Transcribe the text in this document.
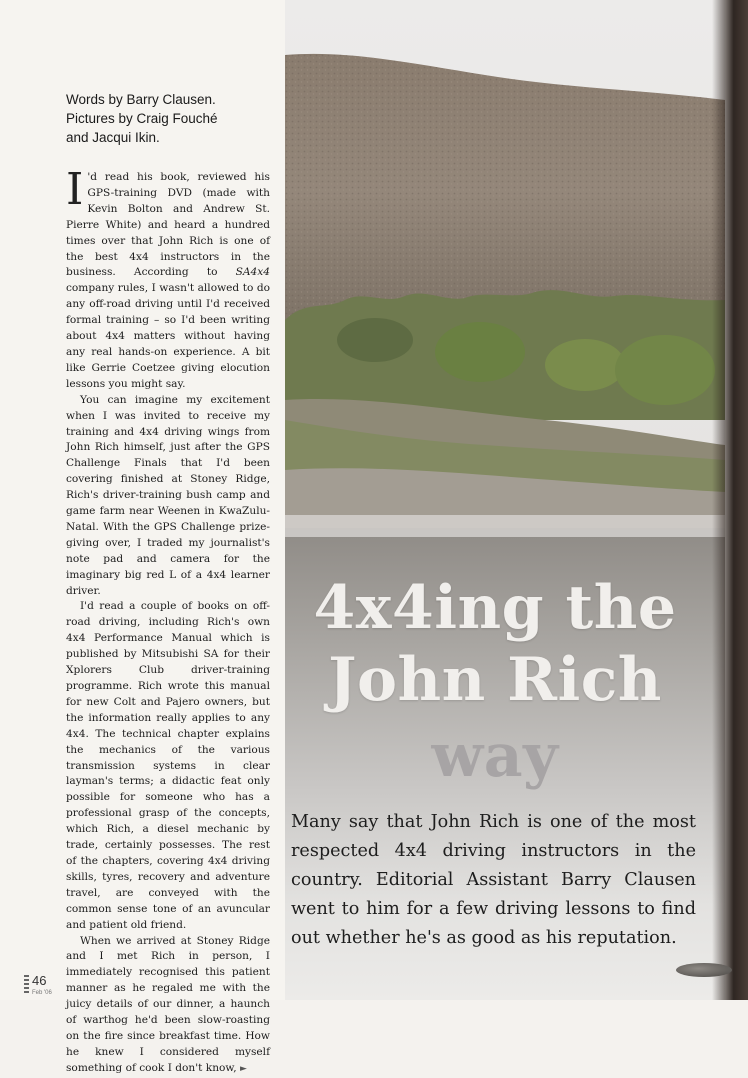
Words by Barry Clausen.
Pictures by Craig Fouché
and Jacqui Ikin.

I 'd read his book, reviewed his GPS-training DVD (made with Kevin Bolton and Andrew St. Pierre White) and heard a hundred times over that John Rich is one of the best 4x4 instructors in the business. According to SA4x4 company rules, I wasn't allowed to do any off-road driving until I'd received formal training – so I'd been writing about 4x4 matters without having any real hands-on experience. A bit like Gerrie Coetzee giving elocution lessons you might say.

You can imagine my excitement when I was invited to receive my training and 4x4 driving wings from John Rich himself, just after the GPS Challenge Finals that I'd been covering finished at Stoney Ridge, Rich's driver-training bush camp and game farm near Weenen in KwaZulu-Natal. With the GPS Challenge prize-giving over, I traded my journalist's note pad and camera for the imaginary big red L of a 4x4 learner driver.

I'd read a couple of books on off-road driving, including Rich's own 4x4 Performance Manual which is published by Mitsubishi SA for their Xplorers Club driver-training programme. Rich wrote this manual for new Colt and Pajero owners, but the information really applies to any 4x4. The technical chapter explains the mechanics of the various transmission systems in clear layman's terms; a didactic feat only possible for someone who has a professional grasp of the concepts, which Rich, a diesel mechanic by trade, certainly possesses. The rest of the chapters, covering 4x4 driving skills, tyres, recovery and adventure travel, are conveyed with the common sense tone of an avuncular and patient old friend.

When we arrived at Stoney Ridge and I met Rich in person, I immediately recognised this patient manner as he regaled me with the juicy details of our dinner, a haunch of warthog he'd been slow-roasting on the fire since breakfast time. How he knew I considered myself something of cook I don't know, ►

46
Feb '06
4x4ing the
John Rich
way
Many say that John Rich is one of the most respected 4x4 driving instructors in the country. Editorial Assistant Barry Clausen went to him for a few driving lessons to find out whether he's as good as his reputation.
